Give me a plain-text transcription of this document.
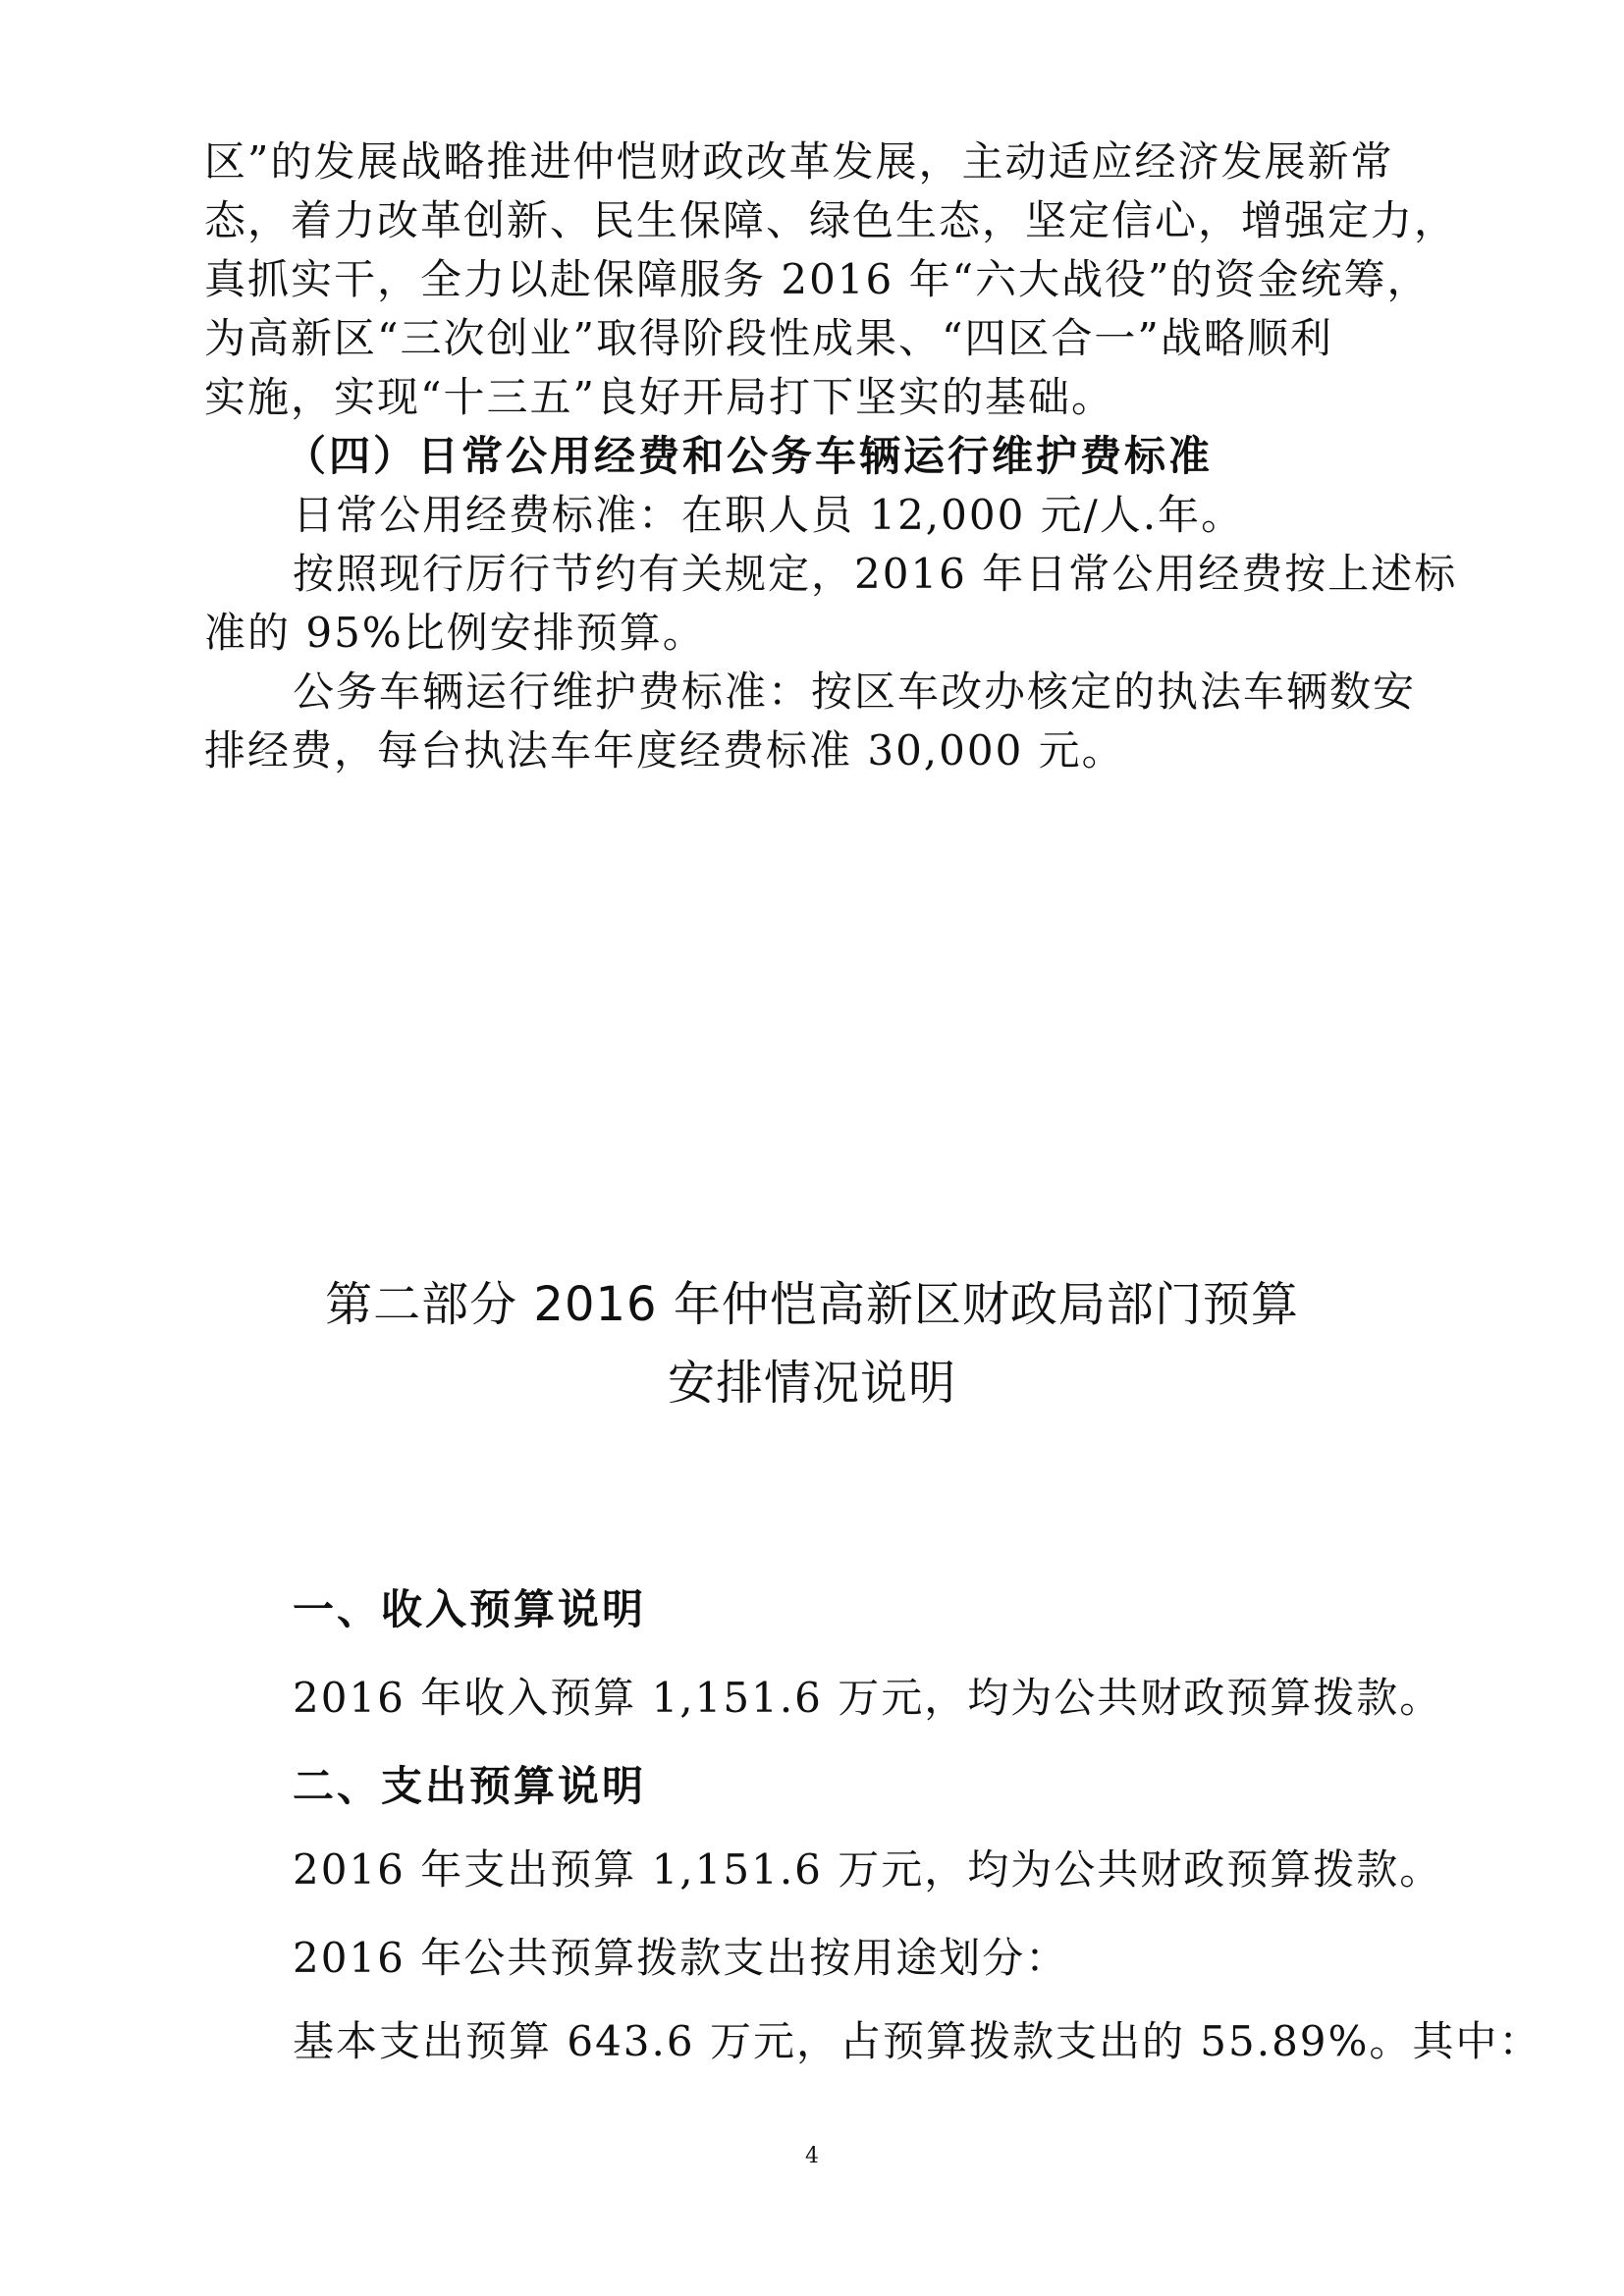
区”的发展战略推进仲恺财政改革发展，主动适应经济发展新常
态，着力改革创新、民生保障、绿色生态，坚定信心，增强定力，
真抓实干，全力以赴保障服务 2016 年“六大战役”的资金统筹，
为高新区“三次创业”取得阶段性成果、“四区合一”战略顺利
实施，实现“十三五”良好开局打下坚实的基础。
（四）日常公用经费和公务车辆运行维护费标准
日常公用经费标准：在职人员 12,000 元/人.年。
按照现行厉行节约有关规定，2016 年日常公用经费按上述标
准的 95%比例安排预算。
公务车辆运行维护费标准：按区车改办核定的执法车辆数安
排经费，每台执法车年度经费标准 30,000 元。
第二部分 2016 年仲恺高新区财政局部门预算
安排情况说明
一、收入预算说明
2016 年收入预算 1,151.6 万元，均为公共财政预算拨款。
二、支出预算说明
2016 年支出预算 1,151.6 万元，均为公共财政预算拨款。
2016 年公共预算拨款支出按用途划分：
基本支出预算 643.6 万元，占预算拨款支出的 55.89%。其中：
4
